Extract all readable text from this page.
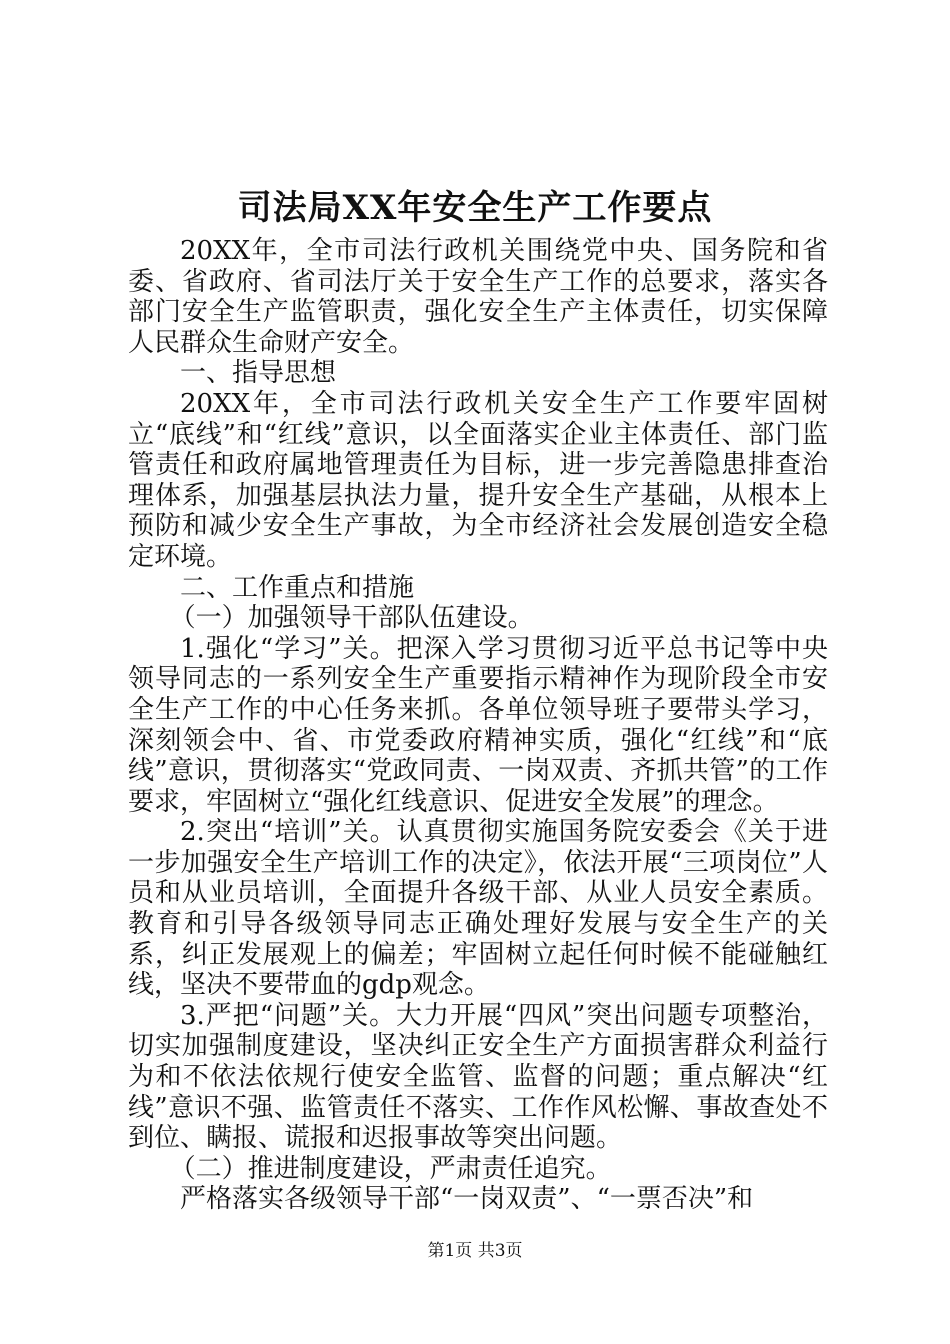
司法局XX年安全生产工作要点

20XX年，全市司法行政机关围绕党中央、国务院和省委、省政府、省司法厅关于安全生产工作的总要求，落实各部门安全生产监管职责，强化安全生产主体责任，切实保障人民群众生命财产安全。

一、指导思想

20XX年，全市司法行政机关安全生产工作要牢固树立“底线”和“红线”意识，以全面落实企业主体责任、部门监管责任和政府属地管理责任为目标，进一步完善隐患排查治理体系，加强基层执法力量，提升安全生产基础，从根本上预防和减少安全生产事故，为全市经济社会发展创造安全稳定环境。

二、工作重点和措施

（一）加强领导干部队伍建设。

1.强化“学习”关。把深入学习贯彻习近平总书记等中央领导同志的一系列安全生产重要指示精神作为现阶段全市安全生产工作的中心任务来抓。各单位领导班子要带头学习，深刻领会中、省、市党委政府精神实质，强化“红线”和“底线”意识，贯彻落实“党政同责、一岗双责、齐抓共管”的工作要求，牢固树立“强化红线意识、促进安全发展”的理念。

2.突出“培训”关。认真贯彻实施国务院安委会《关于进一步加强安全生产培训工作的决定》，依法开展“三项岗位”人员和从业员培训，全面提升各级干部、从业人员安全素质。教育和引导各级领导同志正确处理好发展与安全生产的关系，纠正发展观上的偏差；牢固树立起任何时候不能碰触红线，坚决不要带血的gdp观念。

3.严把“问题”关。大力开展“四风”突出问题专项整治，切实加强制度建设，坚决纠正安全生产方面损害群众利益行为和不依法依规行使安全监管、监督的问题；重点解决“红线”意识不强、监管责任不落实、工作作风松懈、事故查处不到位、瞒报、谎报和迟报事故等突出问题。

（二）推进制度建设，严肃责任追究。

严格落实各级领导干部“一岗双责”、“一票否决”和

第1页 共3页
